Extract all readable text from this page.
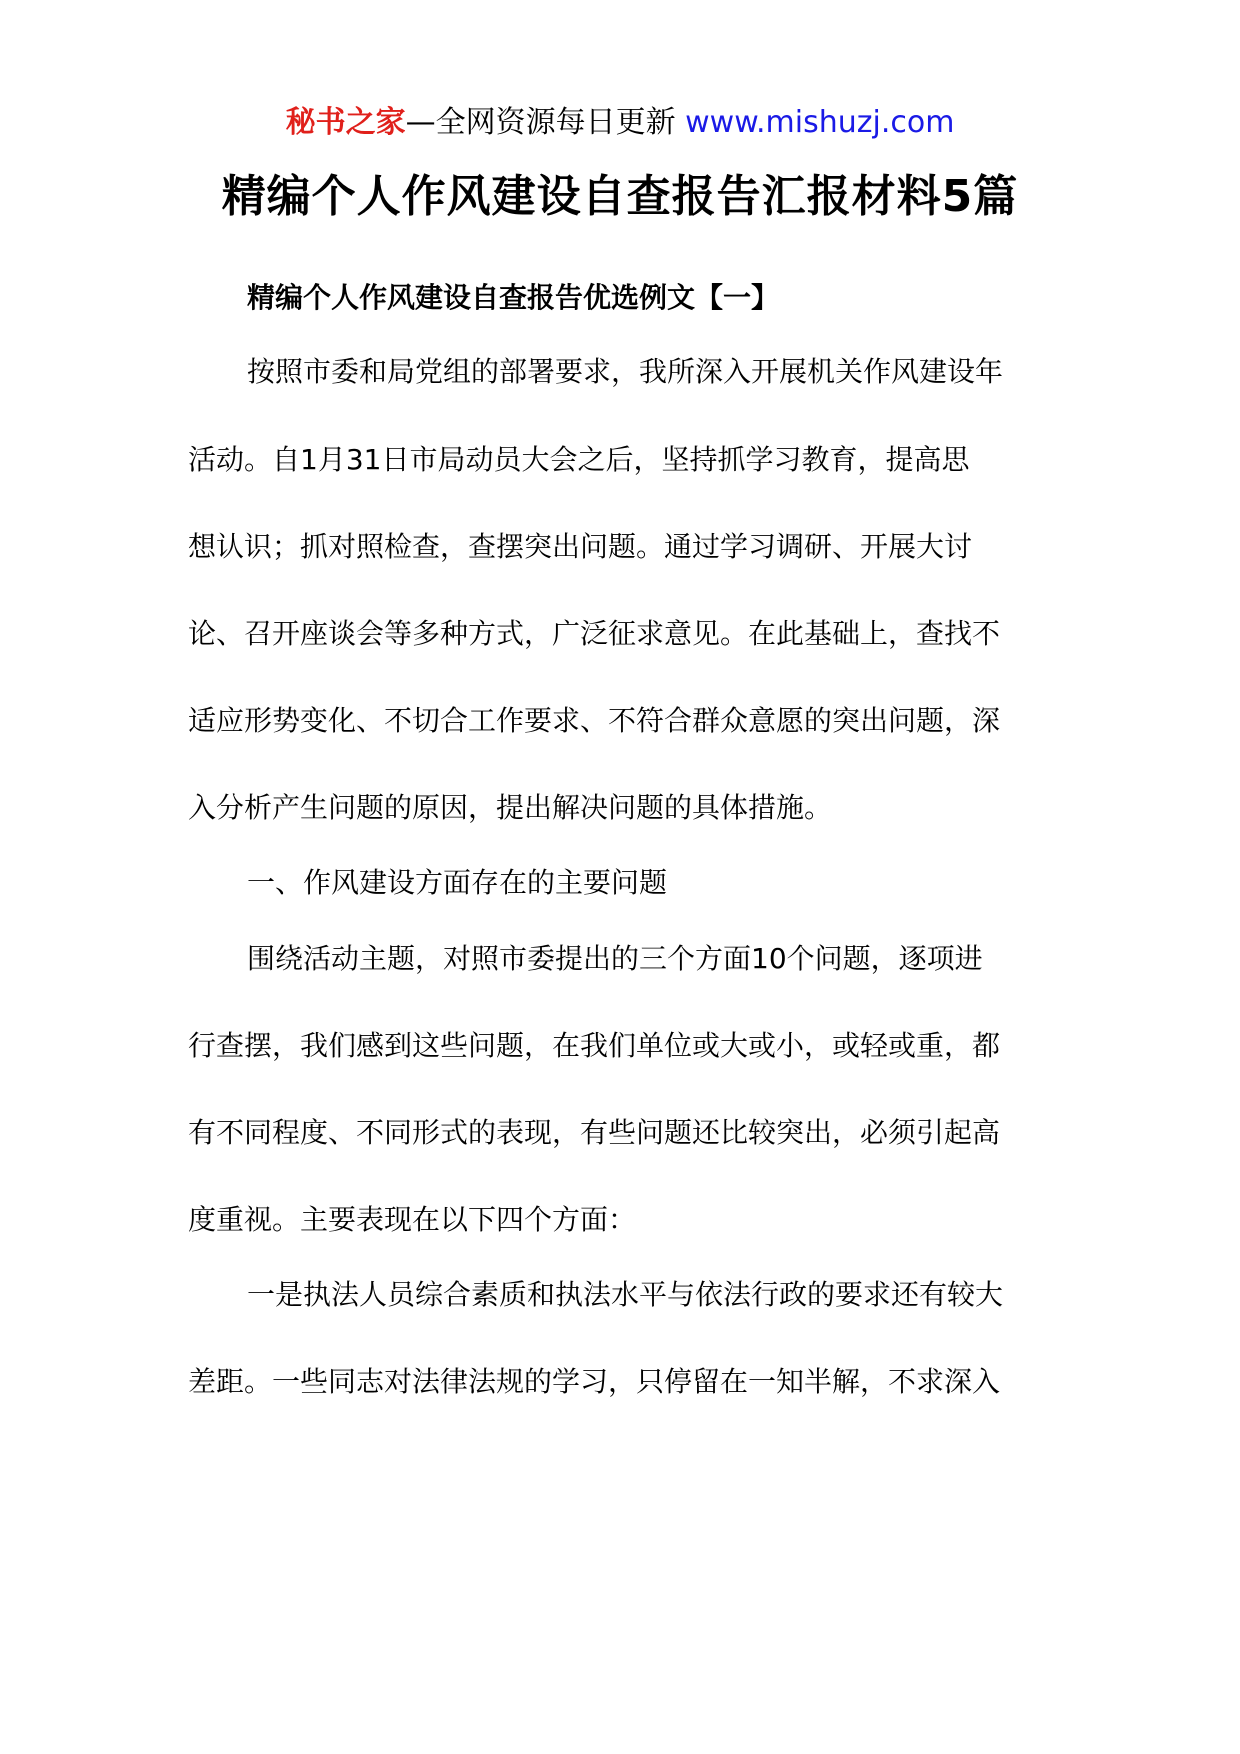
秘书之家—全网资源每日更新 www.mishuzj.com
精编个人作风建设自查报告汇报材料5篇

精编个人作风建设自查报告优选例文【一】

按照市委和局党组的部署要求，我所深入开展机关作风建设年

活动。自1月31日市局动员大会之后，坚持抓学习教育，提高思

想认识；抓对照检查，查摆突出问题。通过学习调研、开展大讨

论、召开座谈会等多种方式，广泛征求意见。在此基础上，查找不

适应形势变化、不切合工作要求、不符合群众意愿的突出问题，深

入分析产生问题的原因，提出解决问题的具体措施。

一、作风建设方面存在的主要问题

围绕活动主题，对照市委提出的三个方面10个问题，逐项进

行查摆，我们感到这些问题，在我们单位或大或小，或轻或重，都

有不同程度、不同形式的表现，有些问题还比较突出，必须引起高

度重视。主要表现在以下四个方面：

一是执法人员综合素质和执法水平与依法行政的要求还有较大

差距。一些同志对法律法规的学习，只停留在一知半解，不求深入
